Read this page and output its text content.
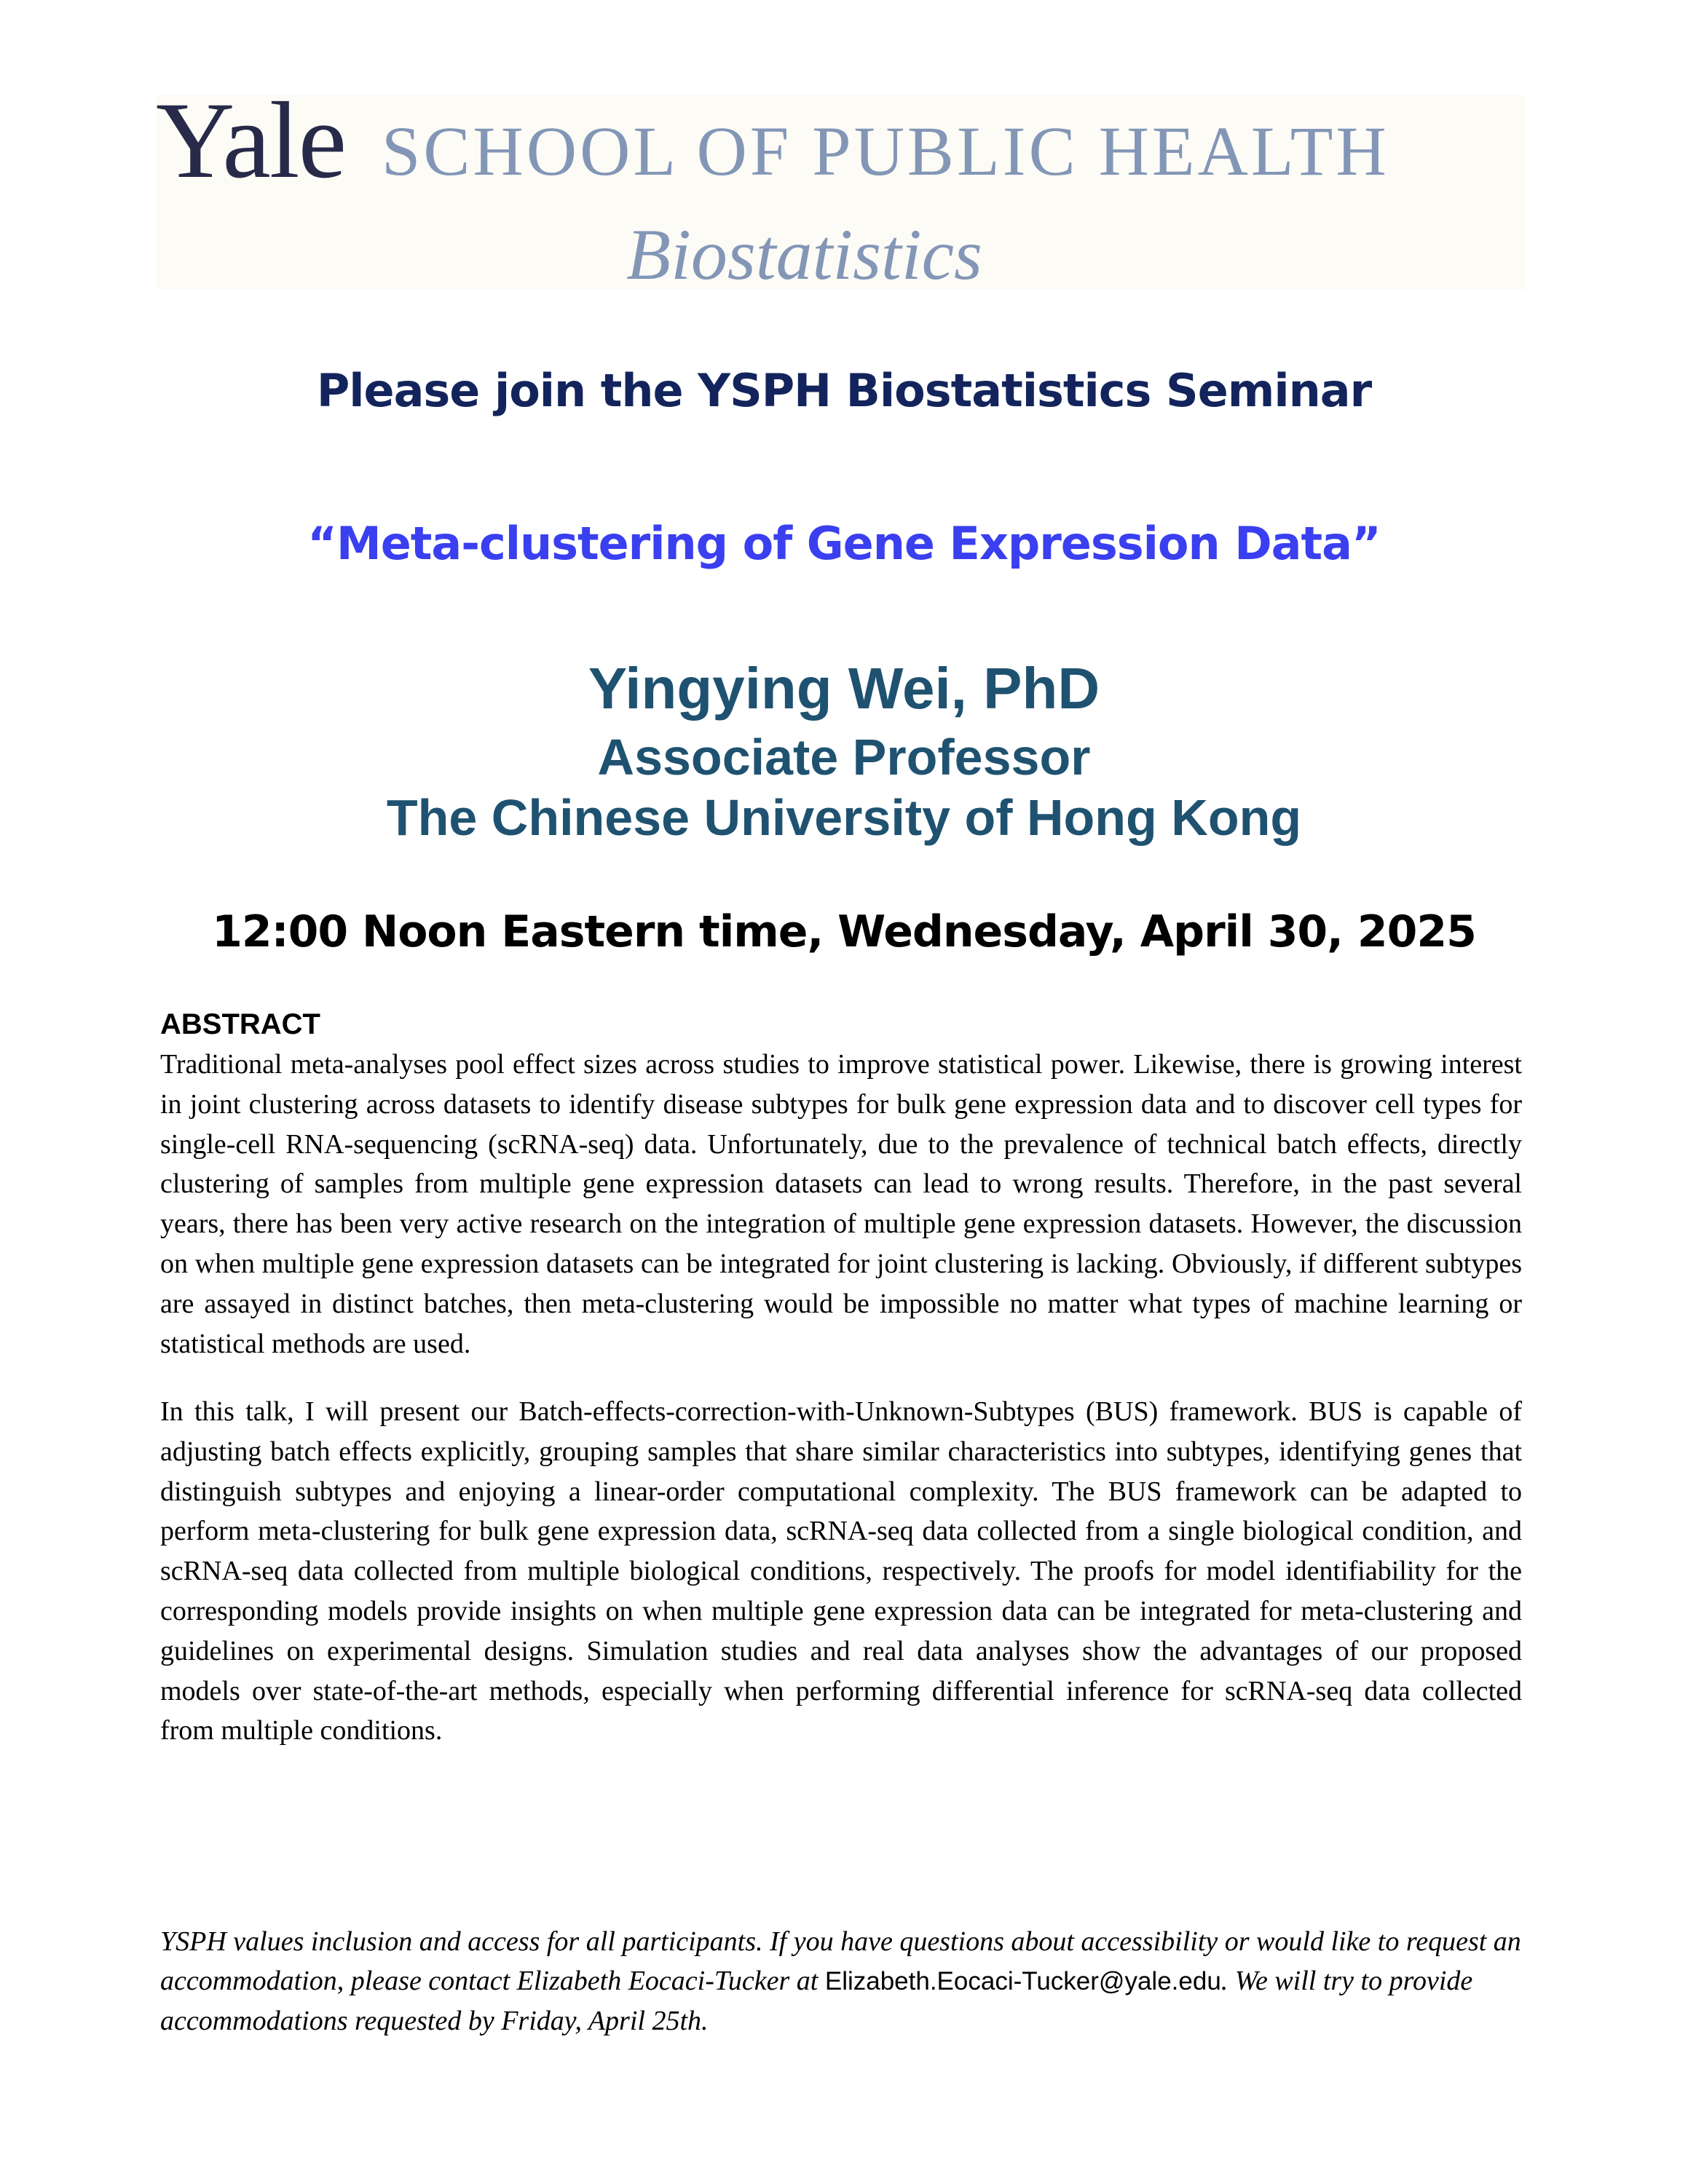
Yale SCHOOL OF PUBLIC HEALTH
Biostatistics
Please join the YSPH Biostatistics Seminar
“Meta-clustering of Gene Expression Data”
Yingying Wei, PhD
Associate Professor
The Chinese University of Hong Kong
12:00 Noon Eastern time, Wednesday, April 30, 2025
ABSTRACT

Traditional meta-analyses pool effect sizes across studies to improve statistical power. Likewise, there is growing interest in joint clustering across datasets to identify disease subtypes for bulk gene expression data and to discover cell types for single-cell RNA-sequencing (scRNA-seq) data. Unfortunately, due to the prevalence of technical batch effects, directly clustering of samples from multiple gene expression datasets can lead to wrong results. Therefore, in the past several years, there has been very active research on the integration of multiple gene expression datasets. However, the discussion on when multiple gene expression datasets can be integrated for joint clustering is lacking. Obviously, if different subtypes are assayed in distinct batches, then meta-clustering would be impossible no matter what types of machine learning or statistical methods are used.

In this talk, I will present our Batch-effects-correction-with-Unknown-Subtypes (BUS) framework. BUS is capable of adjusting batch effects explicitly, grouping samples that share similar characteristics into subtypes, identifying genes that distinguish subtypes and enjoying a linear-order computational complexity. The BUS framework can be adapted to perform meta-clustering for bulk gene expression data, scRNA-seq data collected from a single biological condition, and scRNA-seq data collected from multiple biological conditions, respectively. The proofs for model identifiability for the corresponding models provide insights on when multiple gene expression data can be integrated for meta-clustering and guidelines on experimental designs. Simulation studies and real data analyses show the advantages of our proposed models over state-of-the-art methods, especially when performing differential inference for scRNA-seq data collected from multiple conditions.

YSPH values inclusion and access for all participants. If you have questions about accessibility or would like to request an accommodation, please contact Elizabeth Eocaci-Tucker at Elizabeth.Eocaci-Tucker@yale.edu. We will try to provide accommodations requested by Friday, April 25th.
